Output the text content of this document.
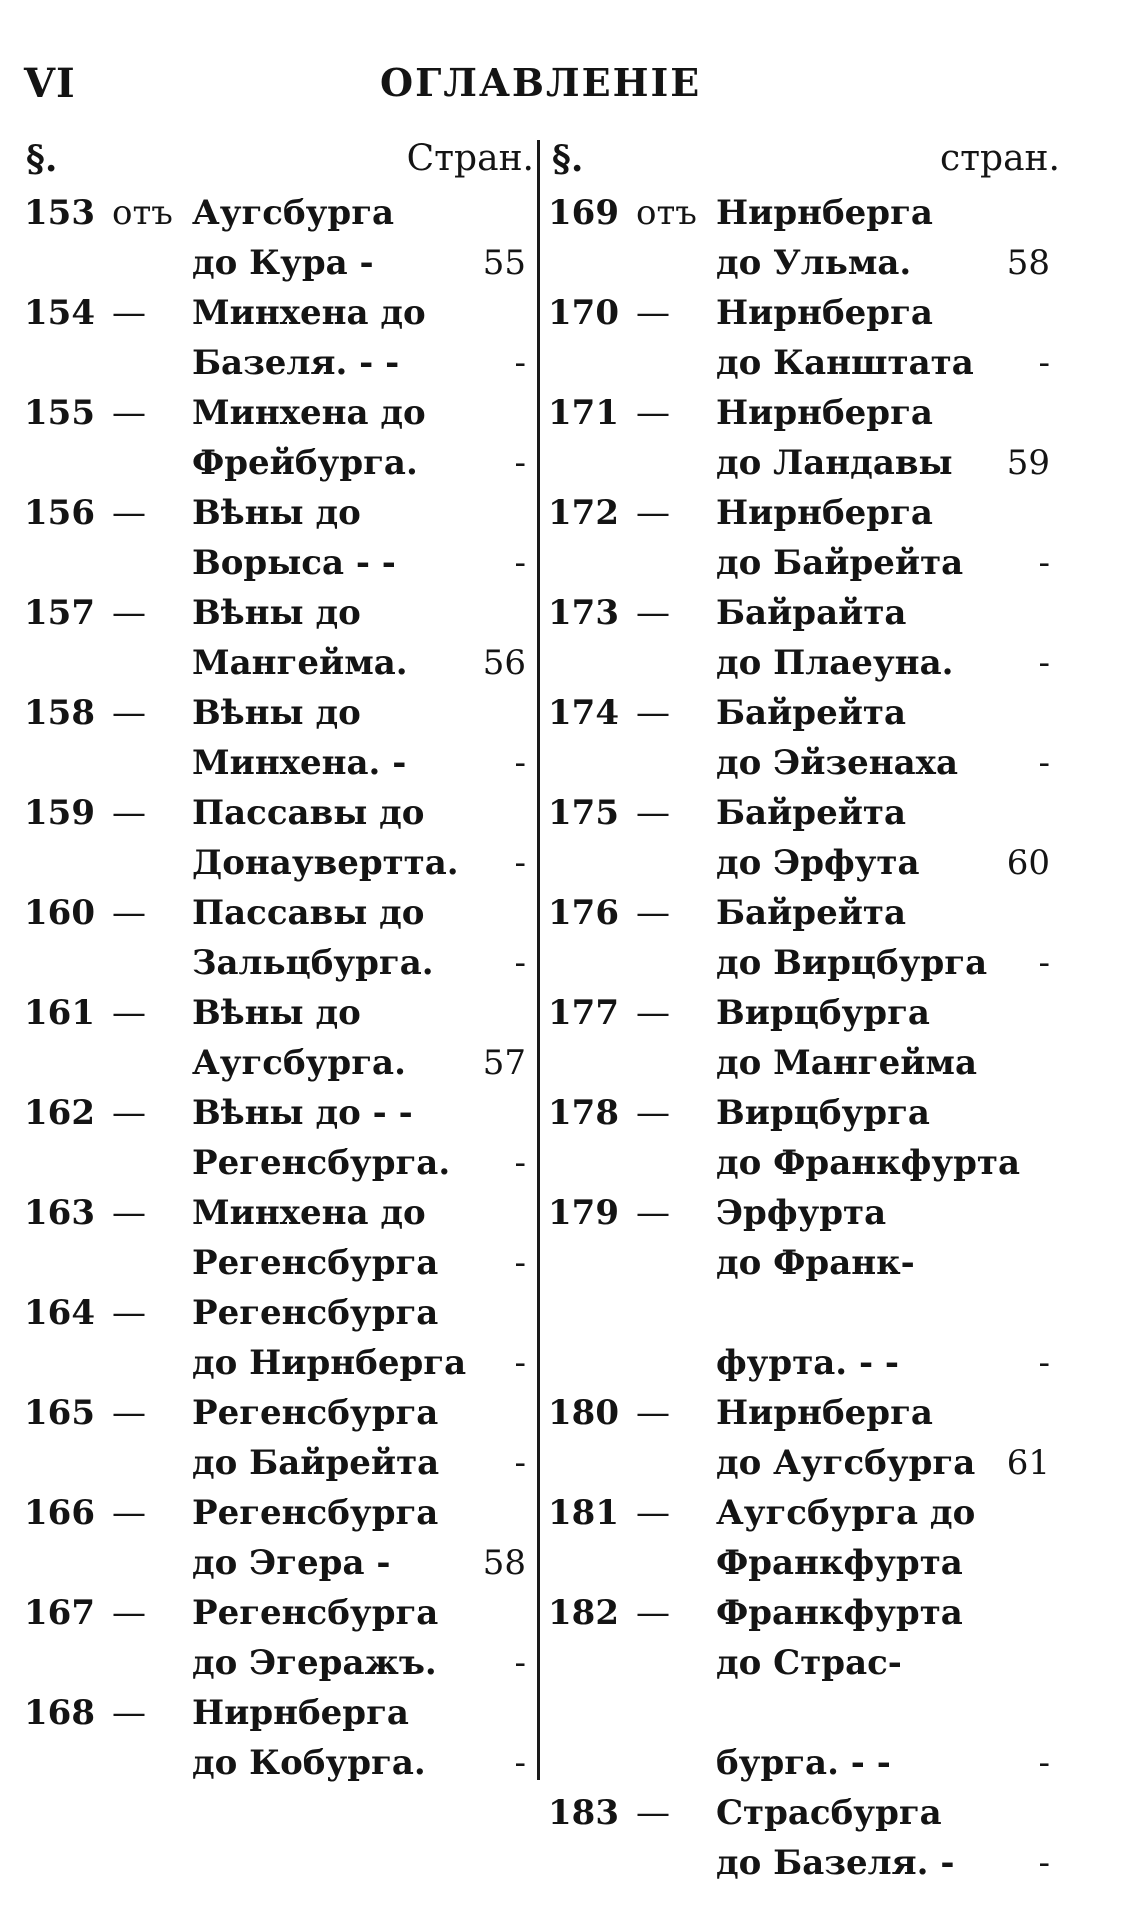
VI	ОГЛАВЛЕНІЕ
§.	Стран. §.	стран.
153 отъ Аугсбурга
до Кура -	55
154 — Минхена до
Базеля. - -	-
155 — Минхена до
Фрейбурга.	-
156 — Вѣны до
Ворыса - -	-
157 — Вѣны до
Мангейма. 56
158 — Вѣны до
Минхена. -	-
159 — Пассавы до
Донаувертта. -
160 — Пассавы до
Зальцбурга. -
161 — Вѣны до
Аугсбурга. 57
162 — Вѣны до - -
Регенсбурга. -
163 — Минхена до
Регенсбурга -
164 — Регенсбурга
до Нирнберга -
165 — Регенсбурга
до Байрейта -
166 — Регенсбурга
до Эгера -	58
167 — Регенсбурга
до Эгеражъ. -
168 — Нирнберга
до Кобурга.	-
169 отъ Нирнберга
до Ульма.	58
170 — Нирнберга
до Канштата -
171 — Нирнберга
до Ландавы 59
172 — Нирнберга
до Байрейта -
173 — Байрайта
до Плаеуна.	-
174 — Байрейта
до Эйзенаха -
175 — Байрейта
до Эрфута	60
176 — Байрейта
до Вирцбурга -
177 — Вирцбурга
до Мангейма
178 — Вирцбурга
до Франкфурта
179 — Эрфурта
до Франк-
фурта. - -	-
180 — Нирнберга
до Аугсбурга 61
181 — Аугсбурга до
Франкфурта
182 — Франкфурта
до Страс-
бурга. - -	-
183 — Страсбурга
до Базеля. - -
